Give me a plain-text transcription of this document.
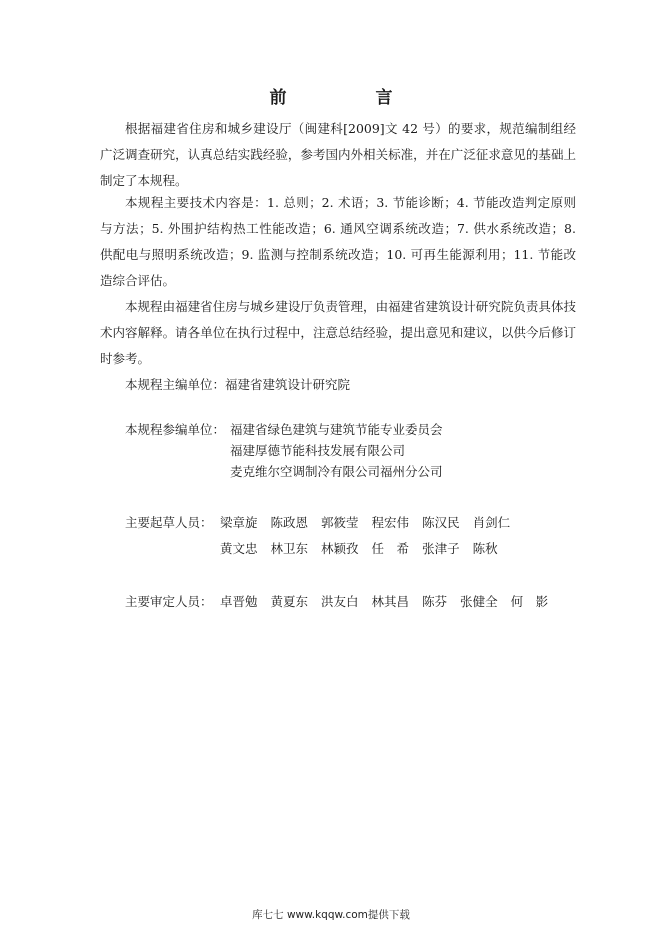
前　言

根据福建省住房和城乡建设厅（闽建科[2009]文 42 号）的要求，规范编制组经广泛调查研究，认真总结实践经验，参考国内外相关标准，并在广泛征求意见的基础上制定了本规程。

本规程主要技术内容是：1. 总则；2. 术语；3. 节能诊断；4. 节能改造判定原则与方法；5. 外围护结构热工性能改造；6. 通风空调系统改造；7. 供水系统改造；8. 供配电与照明系统改造；9. 监测与控制系统改造；10. 可再生能源利用；11. 节能改造综合评估。

本规程由福建省住房与城乡建设厅负责管理，由福建省建筑设计研究院负责具体技术内容解释。请各单位在执行过程中，注意总结经验，提出意见和建议，以供今后修订时参考。

本规程主编单位：福建省建筑设计研究院
本规程参编单位： 福建省绿色建筑与建筑节能专业委员会
福建厚德节能科技发展有限公司
麦克维尔空调制冷有限公司福州分公司
主要起草人员： 梁章旋 陈政恩 郭筱莹 程宏伟 陈汉民 肖剑仁
黄文忠 林卫东 林颖孜 任　希 张津子 陈秋
主要审定人员： 卓晋勉 黄夏东 洪友白 林其昌 陈芬 张健全 何　影
库七七 www.kqqw.com提供下载
